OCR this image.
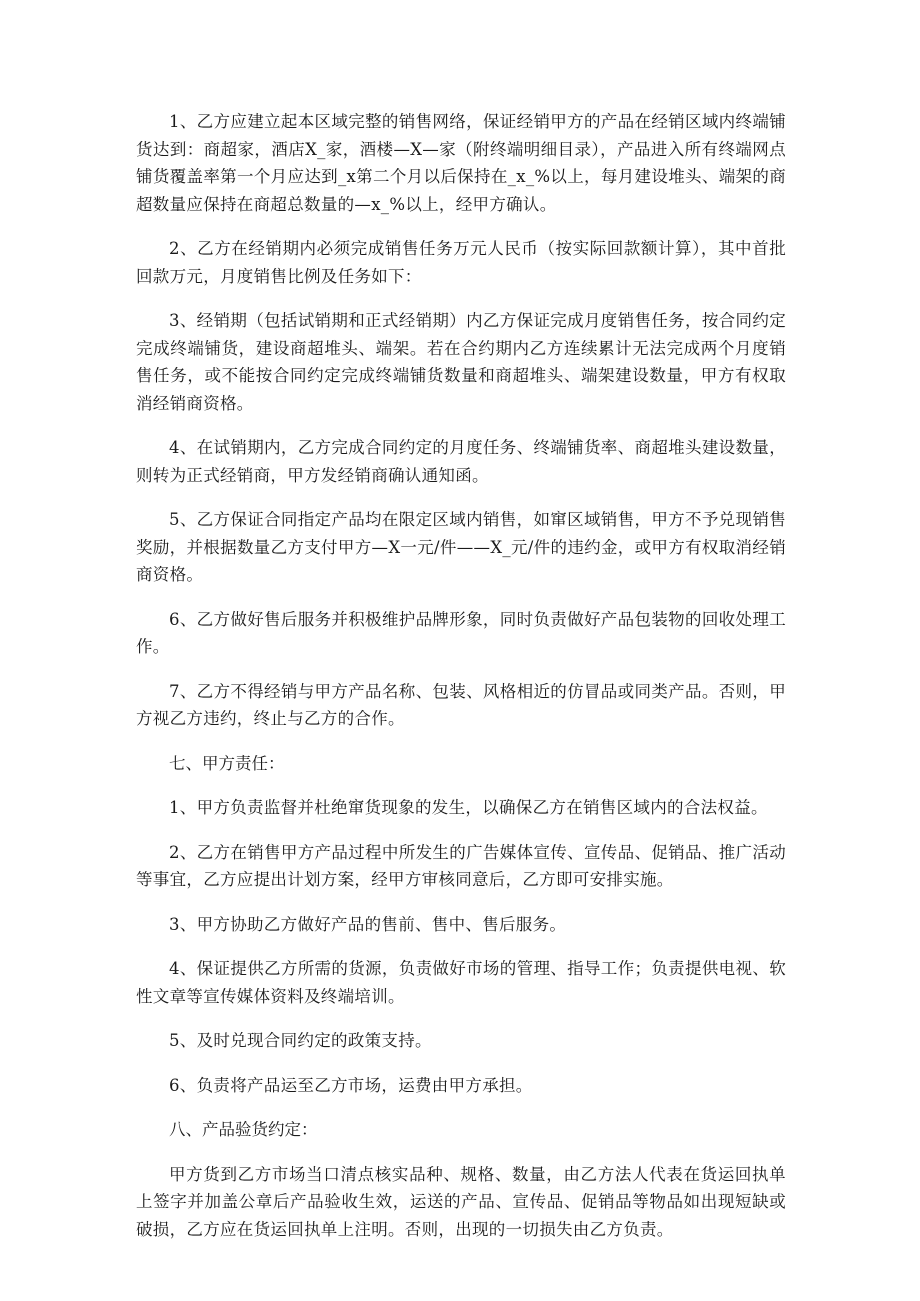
1、乙方应建立起本区域完整的销售网络，保证经销甲方的产品在经销区域内终端铺货达到：商超家，酒店X_家，酒楼—X—家（附终端明细目录），产品进入所有终端网点铺货覆盖率第一个月应达到_x第二个月以后保持在_x_%以上，每月建设堆头、端架的商超数量应保持在商超总数量的—x_%以上，经甲方确认。

2、乙方在经销期内必须完成销售任务万元人民币（按实际回款额计算），其中首批回款万元，月度销售比例及任务如下：

3、经销期（包括试销期和正式经销期）内乙方保证完成月度销售任务，按合同约定完成终端铺货，建设商超堆头、端架。若在合约期内乙方连续累计无法完成两个月度销售任务，或不能按合同约定完成终端铺货数量和商超堆头、端架建设数量，甲方有权取消经销商资格。

4、在试销期内，乙方完成合同约定的月度任务、终端铺货率、商超堆头建设数量，则转为正式经销商，甲方发经销商确认通知函。

5、乙方保证合同指定产品均在限定区域内销售，如窜区域销售，甲方不予兑现销售奖励，并根据数量乙方支付甲方—X一元/件——X_元/件的违约金，或甲方有权取消经销商资格。

6、乙方做好售后服务并积极维护品牌形象，同时负责做好产品包装物的回收处理工作。

7、乙方不得经销与甲方产品名称、包装、风格相近的仿冒品或同类产品。否则，甲方视乙方违约，终止与乙方的合作。

七、甲方责任：

1、甲方负责监督并杜绝窜货现象的发生，以确保乙方在销售区域内的合法权益。

2、乙方在销售甲方产品过程中所发生的广告媒体宣传、宣传品、促销品、推广活动等事宜，乙方应提出计划方案，经甲方审核同意后，乙方即可安排实施。

3、甲方协助乙方做好产品的售前、售中、售后服务。

4、保证提供乙方所需的货源，负责做好市场的管理、指导工作；负责提供电视、软性文章等宣传媒体资料及终端培训。

5、及时兑现合同约定的政策支持。

6、负责将产品运至乙方市场，运费由甲方承担。

八、产品验货约定：

甲方货到乙方市场当口清点核实品种、规格、数量，由乙方法人代表在货运回执单上签字并加盖公章后产品验收生效，运送的产品、宣传品、促销品等物品如出现短缺或破损，乙方应在货运回执单上注明。否则，出现的一切损失由乙方负责。
